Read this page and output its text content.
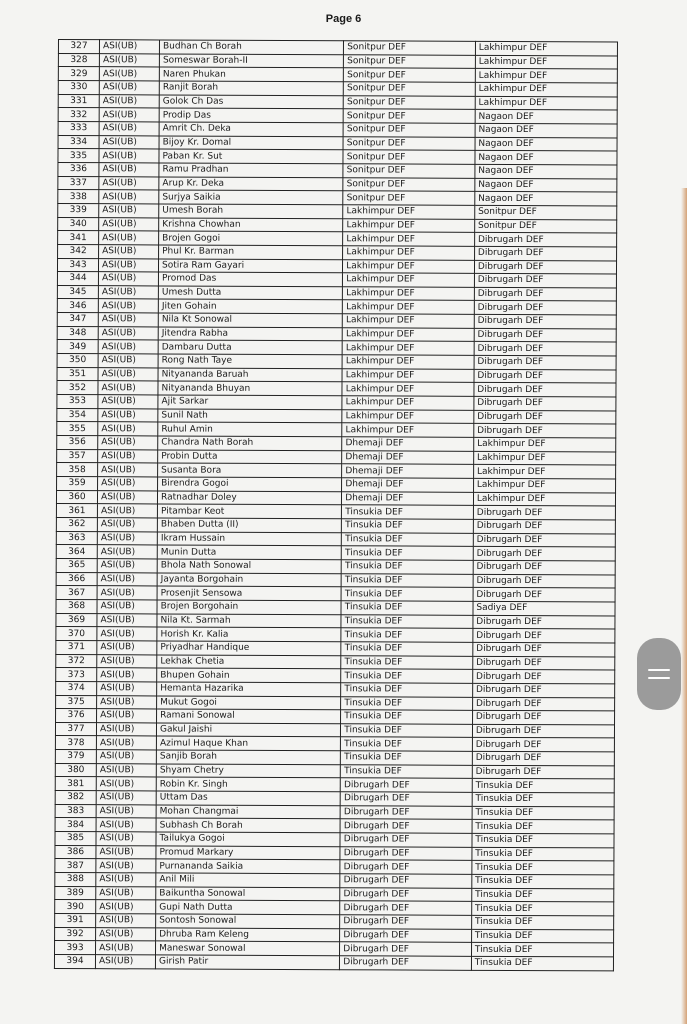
Page 6
327	ASI(UB)	Budhan Ch Borah	Sonitpur DEF	Lakhimpur DEF
328	ASI(UB)	Someswar Borah-II	Sonitpur DEF	Lakhimpur DEF
329	ASI(UB)	Naren Phukan	Sonitpur DEF	Lakhimpur DEF
330	ASI(UB)	Ranjit Borah	Sonitpur DEF	Lakhimpur DEF
331	ASI(UB)	Golok Ch Das	Sonitpur DEF	Lakhimpur DEF
332	ASI(UB)	Prodip Das	Sonitpur DEF	Nagaon DEF
333	ASI(UB)	Amrit Ch. Deka	Sonitpur DEF	Nagaon DEF
334	ASI(UB)	Bijoy Kr. Domal	Sonitpur DEF	Nagaon DEF
335	ASI(UB)	Paban Kr. Sut	Sonitpur DEF	Nagaon DEF
336	ASI(UB)	Ramu Pradhan	Sonitpur DEF	Nagaon DEF
337	ASI(UB)	Arup Kr. Deka	Sonitpur DEF	Nagaon DEF
338	ASI(UB)	Surjya Saikia	Sonitpur DEF	Nagaon DEF
339	ASI(UB)	Umesh Borah	Lakhimpur DEF	Sonitpur DEF
340	ASI(UB)	Krishna Chowhan	Lakhimpur DEF	Sonitpur DEF
341	ASI(UB)	Brojen Gogoi	Lakhimpur DEF	Dibrugarh DEF
342	ASI(UB)	Phul Kr. Barman	Lakhimpur DEF	Dibrugarh DEF
343	ASI(UB)	Sotira Ram Gayari	Lakhimpur DEF	Dibrugarh DEF
344	ASI(UB)	Promod Das	Lakhimpur DEF	Dibrugarh DEF
345	ASI(UB)	Umesh Dutta	Lakhimpur DEF	Dibrugarh DEF
346	ASI(UB)	Jiten Gohain	Lakhimpur DEF	Dibrugarh DEF
347	ASI(UB)	Nila Kt Sonowal	Lakhimpur DEF	Dibrugarh DEF
348	ASI(UB)	Jitendra Rabha	Lakhimpur DEF	Dibrugarh DEF
349	ASI(UB)	Dambaru Dutta	Lakhimpur DEF	Dibrugarh DEF
350	ASI(UB)	Rong Nath Taye	Lakhimpur DEF	Dibrugarh DEF
351	ASI(UB)	Nityananda Baruah	Lakhimpur DEF	Dibrugarh DEF
352	ASI(UB)	Nityananda Bhuyan	Lakhimpur DEF	Dibrugarh DEF
353	ASI(UB)	Ajit Sarkar	Lakhimpur DEF	Dibrugarh DEF
354	ASI(UB)	Sunil Nath	Lakhimpur DEF	Dibrugarh DEF
355	ASI(UB)	Ruhul Amin	Lakhimpur DEF	Dibrugarh DEF
356	ASI(UB)	Chandra Nath Borah	Dhemaji DEF	Lakhimpur DEF
357	ASI(UB)	Probin Dutta	Dhemaji DEF	Lakhimpur DEF
358	ASI(UB)	Susanta Bora	Dhemaji DEF	Lakhimpur DEF
359	ASI(UB)	Birendra Gogoi	Dhemaji DEF	Lakhimpur DEF
360	ASI(UB)	Ratnadhar Doley	Dhemaji DEF	Lakhimpur DEF
361	ASI(UB)	Pitambar Keot	Tinsukia DEF	Dibrugarh DEF
362	ASI(UB)	Bhaben Dutta (II)	Tinsukia DEF	Dibrugarh DEF
363	ASI(UB)	Ikram Hussain	Tinsukia DEF	Dibrugarh DEF
364	ASI(UB)	Munin Dutta	Tinsukia DEF	Dibrugarh DEF
365	ASI(UB)	Bhola Nath Sonowal	Tinsukia DEF	Dibrugarh DEF
366	ASI(UB)	Jayanta Borgohain	Tinsukia DEF	Dibrugarh DEF
367	ASI(UB)	Prosenjit Sensowa	Tinsukia DEF	Dibrugarh DEF
368	ASI(UB)	Brojen Borgohain	Tinsukia DEF	Sadiya DEF
369	ASI(UB)	Nila Kt. Sarmah	Tinsukia DEF	Dibrugarh DEF
370	ASI(UB)	Horish Kr. Kalia	Tinsukia DEF	Dibrugarh DEF
371	ASI(UB)	Priyadhar Handique	Tinsukia DEF	Dibrugarh DEF
372	ASI(UB)	Lekhak Chetia	Tinsukia DEF	Dibrugarh DEF
373	ASI(UB)	Bhupen Gohain	Tinsukia DEF	Dibrugarh DEF
374	ASI(UB)	Hemanta Hazarika	Tinsukia DEF	Dibrugarh DEF
375	ASI(UB)	Mukut Gogoi	Tinsukia DEF	Dibrugarh DEF
376	ASI(UB)	Ramani Sonowal	Tinsukia DEF	Dibrugarh DEF
377	ASI(UB)	Gakul Jaishi	Tinsukia DEF	Dibrugarh DEF
378	ASI(UB)	Azimul Haque Khan	Tinsukia DEF	Dibrugarh DEF
379	ASI(UB)	Sanjib Borah	Tinsukia DEF	Dibrugarh DEF
380	ASI(UB)	Shyam Chetry	Tinsukia DEF	Dibrugarh DEF
381	ASI(UB)	Robin Kr. Singh	Dibrugarh DEF	Tinsukia DEF
382	ASI(UB)	Uttam Das	Dibrugarh DEF	Tinsukia DEF
383	ASI(UB)	Mohan Changmai	Dibrugarh DEF	Tinsukia DEF
384	ASI(UB)	Subhash Ch Borah	Dibrugarh DEF	Tinsukia DEF
385	ASI(UB)	Tailukya Gogoi	Dibrugarh DEF	Tinsukia DEF
386	ASI(UB)	Promud Markary	Dibrugarh DEF	Tinsukia DEF
387	ASI(UB)	Purnananda Saikia	Dibrugarh DEF	Tinsukia DEF
388	ASI(UB)	Anil Mili	Dibrugarh DEF	Tinsukia DEF
389	ASI(UB)	Baikuntha Sonowal	Dibrugarh DEF	Tinsukia DEF
390	ASI(UB)	Gupi Nath Dutta	Dibrugarh DEF	Tinsukia DEF
391	ASI(UB)	Sontosh Sonowal	Dibrugarh DEF	Tinsukia DEF
392	ASI(UB)	Dhruba Ram Keleng	Dibrugarh DEF	Tinsukia DEF
393	ASI(UB)	Maneswar Sonowal	Dibrugarh DEF	Tinsukia DEF
394	ASI(UB)	Girish Patir	Dibrugarh DEF	Tinsukia DEF
